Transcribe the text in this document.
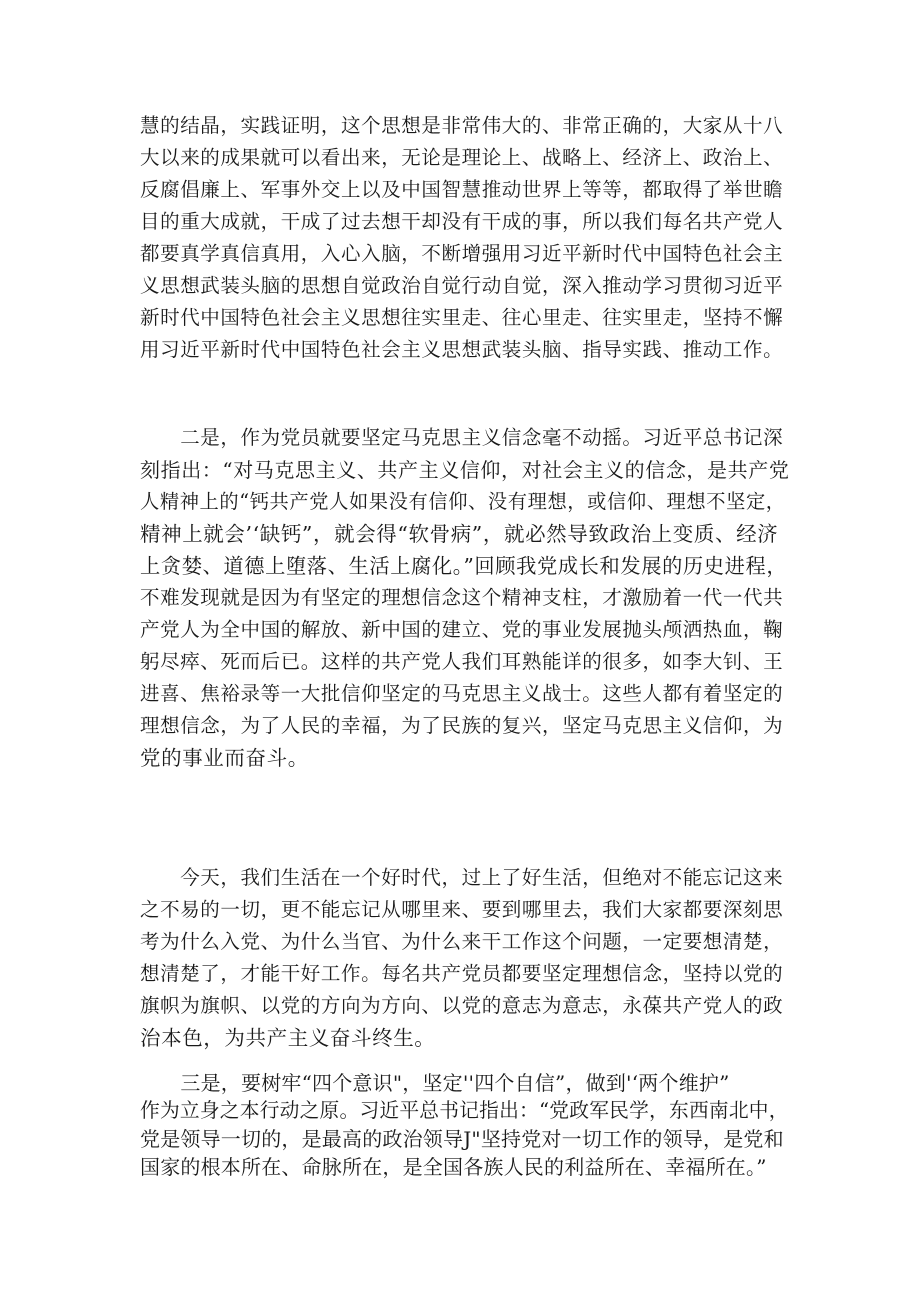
慧的结晶，实践证明，这个思想是非常伟大的、非常正确的，大家从十八
大以来的成果就可以看出来，无论是理论上、战略上、经济上、政治上、
反腐倡廉上、军事外交上以及中国智慧推动世界上等等，都取得了举世瞻
目的重大成就，干成了过去想干却没有干成的事，所以我们每名共产党人
都要真学真信真用，入心入脑，不断增强用习近平新时代中国特色社会主
义思想武装头脑的思想自觉政治自觉行动自觉，深入推动学习贯彻习近平
新时代中国特色社会主义思想往实里走、往心里走、往实里走，坚持不懈
用习近平新时代中国特色社会主义思想武装头脑、指导实践、推动工作。
　　二是，作为党员就要坚定马克思主义信念毫不动摇。习近平总书记深
刻指出：“对马克思主义、共产主义信仰，对社会主义的信念，是共产党
人精神上的“钙共产党人如果没有信仰、没有理想，或信仰、理想不坚定，
精神上就会’‘缺钙”，就会得“软骨病”，就必然导致政治上变质、经济
上贪婪、道德上堕落、生活上腐化。”回顾我党成长和发展的历史进程，
不难发现就是因为有坚定的理想信念这个精神支柱，才激励着一代一代共
产党人为全中国的解放、新中国的建立、党的事业发展抛头颅洒热血，鞠
躬尽瘁、死而后已。这样的共产党人我们耳熟能详的很多，如李大钊、王
进喜、焦裕录等一大批信仰坚定的马克思主义战士。这些人都有着坚定的
理想信念，为了人民的幸福，为了民族的复兴，坚定马克思主义信仰，为
党的事业而奋斗。
　　今天，我们生活在一个好时代，过上了好生活，但绝对不能忘记这来
之不易的一切，更不能忘记从哪里来、要到哪里去，我们大家都要深刻思
考为什么入党、为什么当官、为什么来干工作这个问题，一定要想清楚，
想清楚了，才能干好工作。每名共产党员都要坚定理想信念，坚持以党的
旗帜为旗帜、以党的方向为方向、以党的意志为意志，永葆共产党人的政
治本色，为共产主义奋斗终生。
　　三是，要树牢“四个意识"，坚定''四个自信”，做到'‘两个维护”
作为立身之本行动之原。习近平总书记指出：“党政军民学，东西南北中，
党是领导一切的，是最高的政治领导J"坚持党对一切工作的领导，是党和
国家的根本所在、命脉所在，是全国各族人民的利益所在、幸福所在。”
